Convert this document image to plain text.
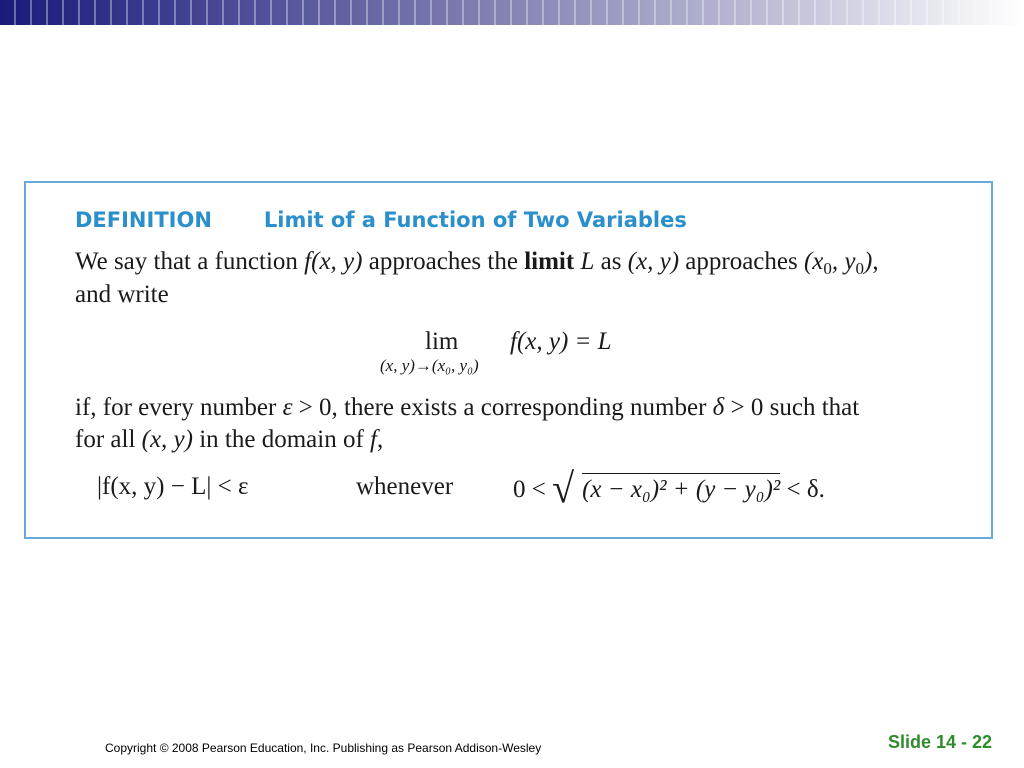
DEFINITION Limit of a Function of Two Variables
We say that a function f(x, y) approaches the limit L as (x, y) approaches ($x_0$, $y_0$),
and write
lim
(x, y)→(x₀, y₀)
f(x, y) = L
if, for every number ε > 0, there exists a corresponding number δ > 0 such that
for all (x, y) in the domain of f,
|f(x, y) − L| < ε	whenever 0 < √ (x − x₀)² + (y − y₀)² < δ.
Copyright © 2008 Pearson Education, Inc. Publishing as Pearson Addison-Wesley	Slide 14 - 22
